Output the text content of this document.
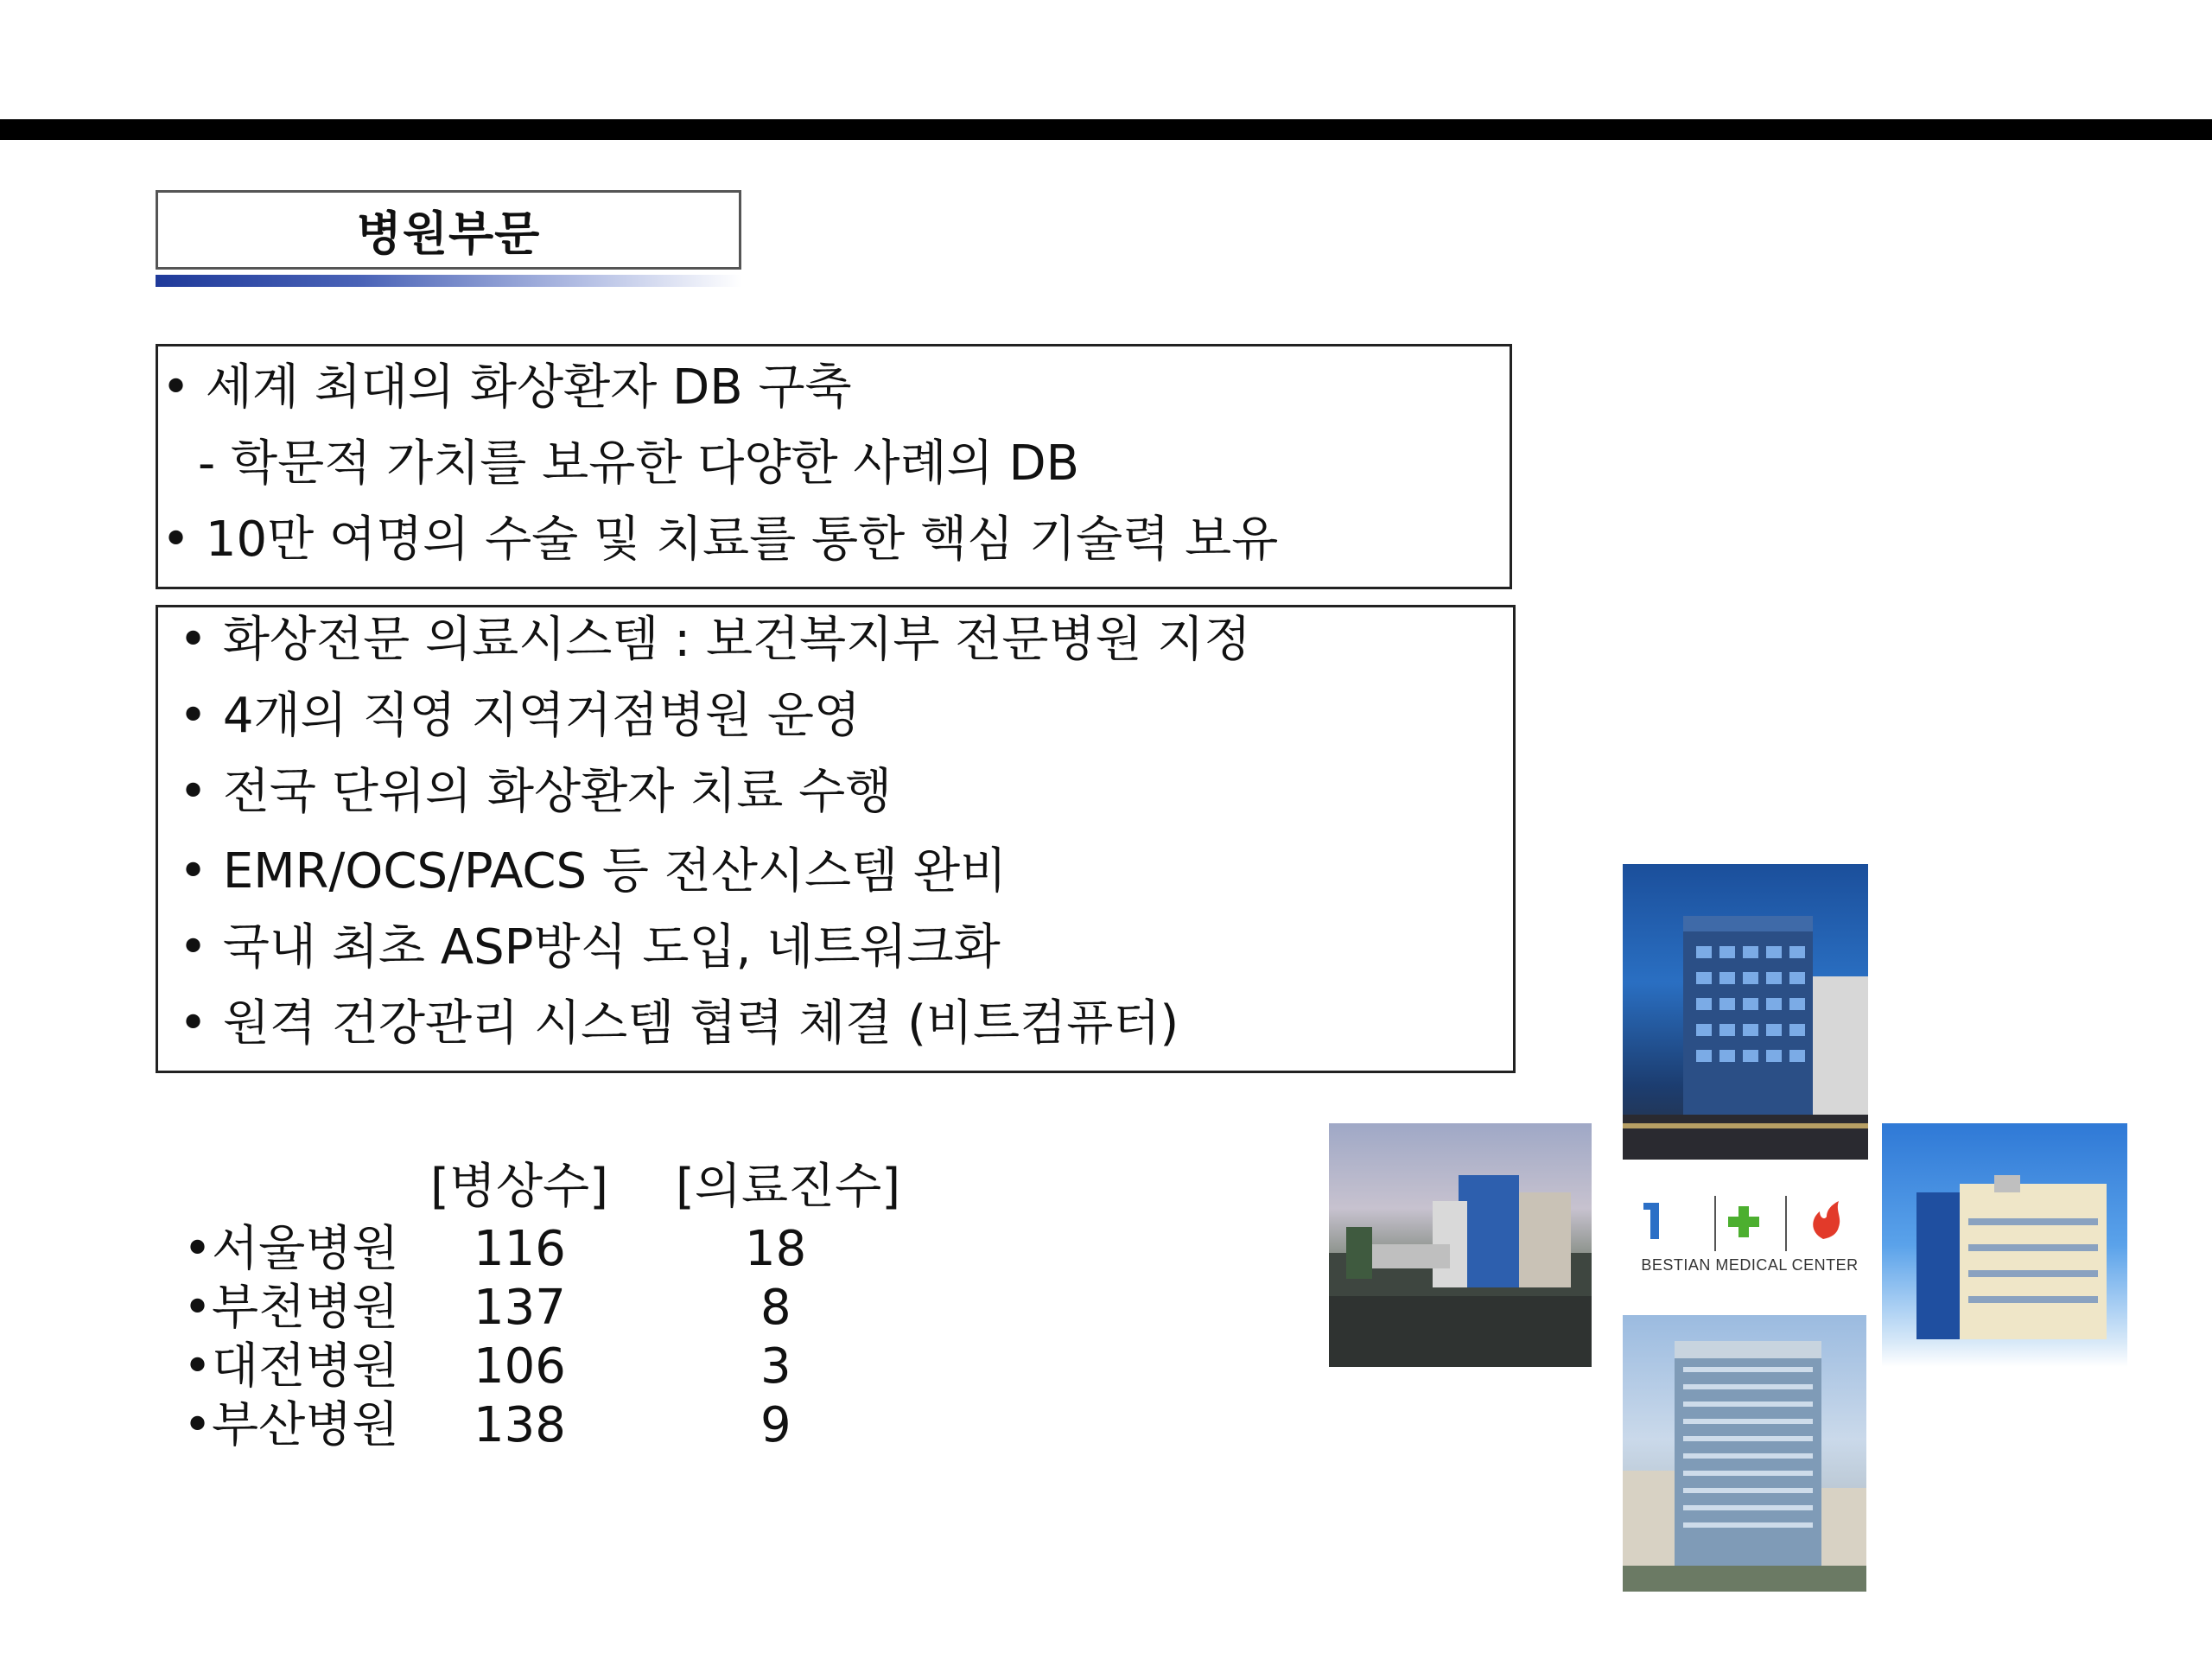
병원부문
• 세계 최대의 화상환자 DB 구축
- 학문적 가치를 보유한 다양한 사례의 DB
• 10만 여명의 수술 및 치료를 통한 핵심 기술력 보유
• 화상전문 의료시스템 : 보건복지부 전문병원 지정
• 4개의 직영 지역거점병원 운영
• 전국 단위의 화상환자 치료 수행
• EMR/OCS/PACS 등 전산시스템 완비
• 국내 최초 ASP방식 도입, 네트워크화
• 원격 건강관리 시스템 협력 체결 (비트컴퓨터)
[병상수] [의료진수]
•서울병원 116	18
•부천병원 137	8
•대전병원 106	3
•부산병원 138	9
BESTIAN MEDICAL CENTER
